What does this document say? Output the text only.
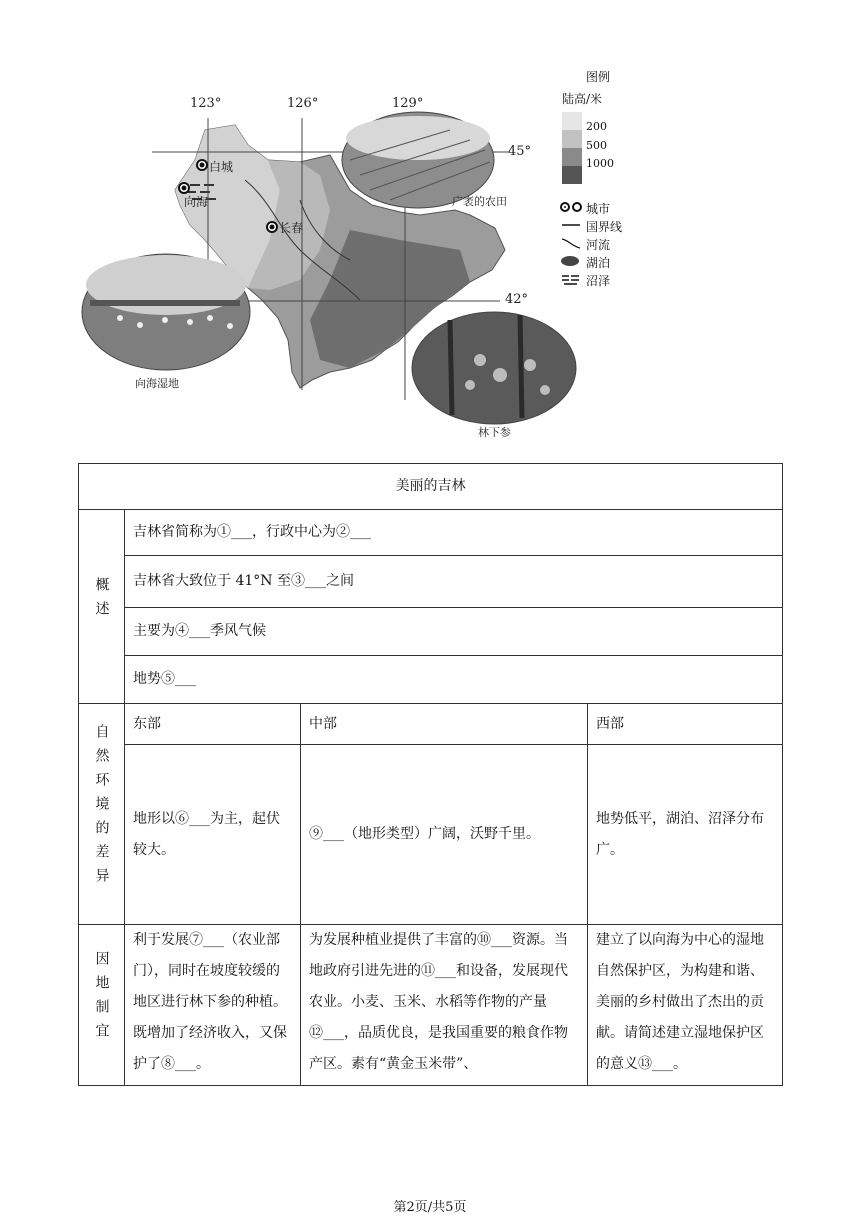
123°	126°	129°
45°
42°
白城
向海
长春
广袤的农田
向海湿地
林下参
图例
陆高/米
200
500
1000
城市
国界线
河流
湖泊
沼泽
美丽的吉林			
概述	吉林省简称为①___，行政中心为②___		
	吉林省大致位于 41°N 至③___之间		
	主要为④___季风气候		
	地势⑤___		
自然环境的差异	东部	中部	西部
	地形以⑥___为主，起伏较大。	⑨___（地形类型）广阔，沃野千里。	地势低平，湖泊、沼泽分布广。
因地制宜	利于发展⑦___（农业部门），同时在坡度较缓的地区进行林下参的种植。既增加了经济收入，又保护了⑧___。	为发展种植业提供了丰富的⑩___资源。当地政府引进先进的⑪___和设备，发展现代农业。小麦、玉米、水稻等作物的产量⑫___，品质优良，是我国重要的粮食作物产区。素有“黄金玉米带”、	建立了以向海为中心的湿地自然保护区，为构建和谐、美丽的乡村做出了杰出的贡献。请简述建立湿地保护区的意义⑬___。
第2页/共5页
